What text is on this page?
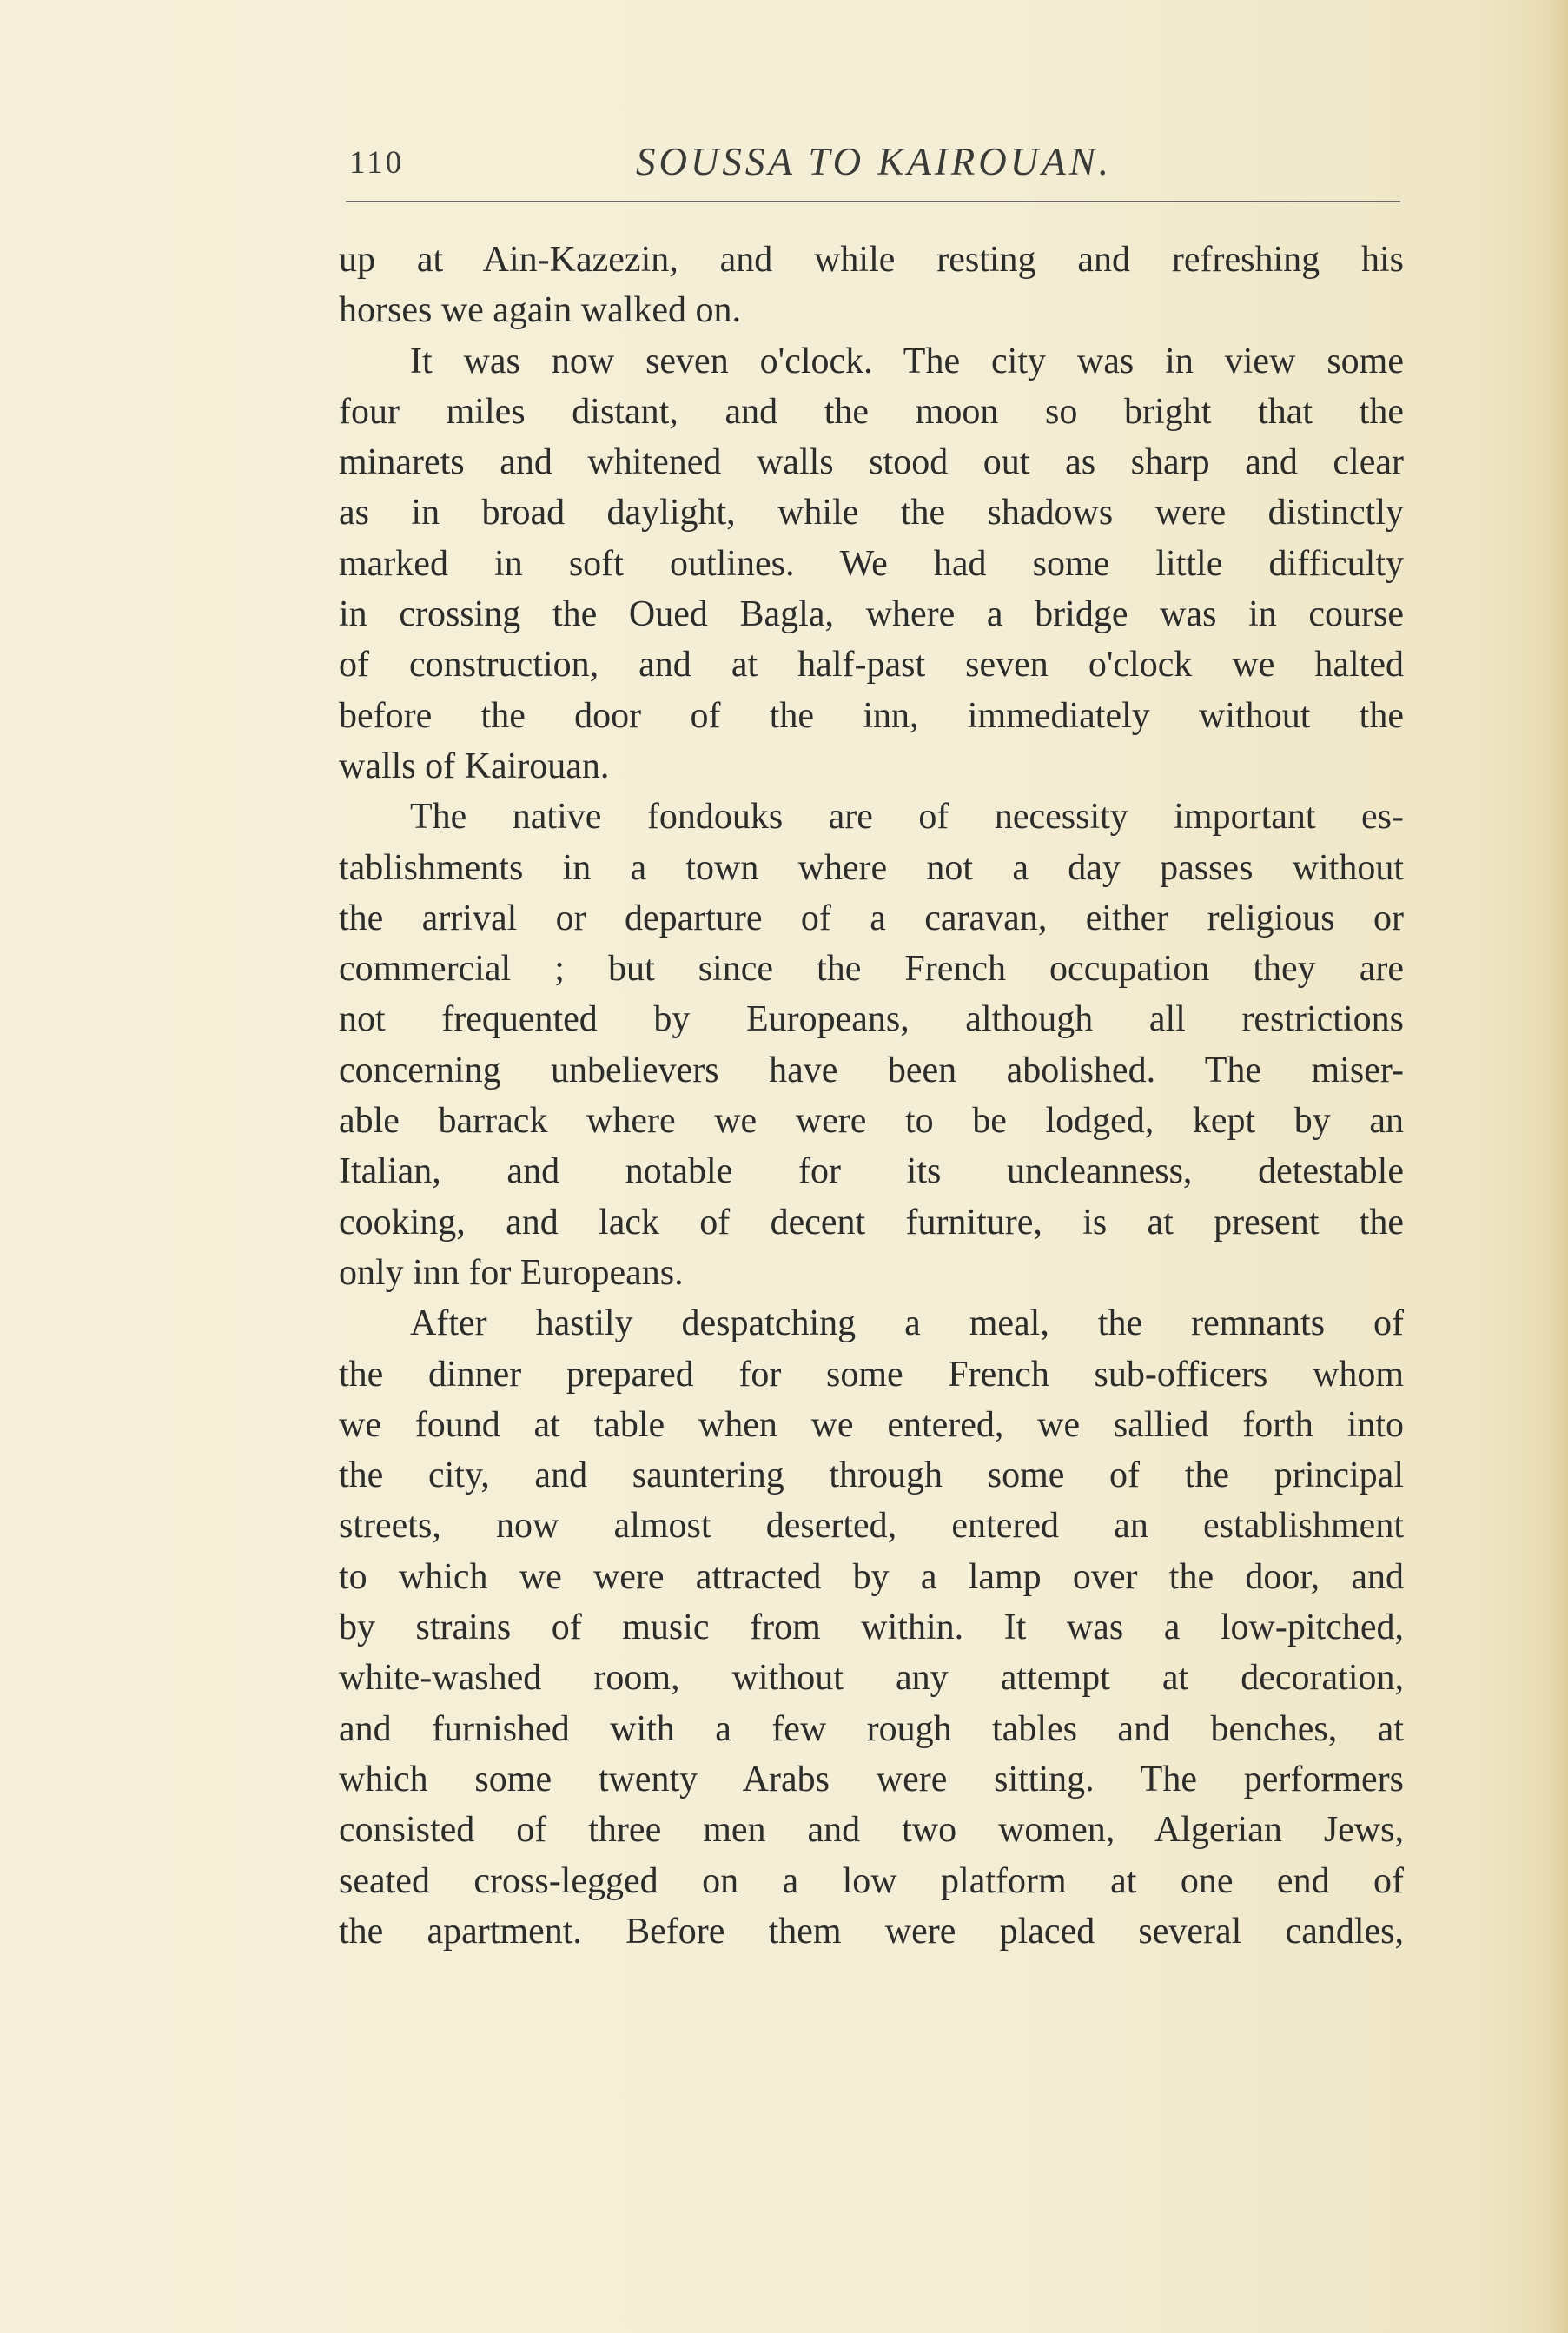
110	SOUSSA TO KAIROUAN.
up at Ain-Kazezin, and while resting and refreshing his
horses we again walked on.
It was now seven o'clock. The city was in view some
four miles distant, and the moon so bright that the
minarets and whitened walls stood out as sharp and clear
as in broad daylight, while the shadows were distinctly
marked in soft outlines. We had some little difficulty
in crossing the Oued Bagla, where a bridge was in course
of construction, and at half-past seven o'clock we halted
before the door of the inn, immediately without the
walls of Kairouan.
The native fondouks are of necessity important es-
tablishments in a town where not a day passes without
the arrival or departure of a caravan, either religious or
commercial ; but since the French occupation they are
not frequented by Europeans, although all restrictions
concerning unbelievers have been abolished. The miser-
able barrack where we were to be lodged, kept by an
Italian, and notable for its uncleanness, detestable
cooking, and lack of decent furniture, is at present the
only inn for Europeans.
After hastily despatching a meal, the remnants of
the dinner prepared for some French sub-officers whom
we found at table when we entered, we sallied forth into
the city, and sauntering through some of the principal
streets, now almost deserted, entered an establishment
to which we were attracted by a lamp over the door, and
by strains of music from within. It was a low-pitched,
white-washed room, without any attempt at decoration,
and furnished with a few rough tables and benches, at
which some twenty Arabs were sitting. The performers
consisted of three men and two women, Algerian Jews,
seated cross-legged on a low platform at one end of
the apartment. Before them were placed several candles,
